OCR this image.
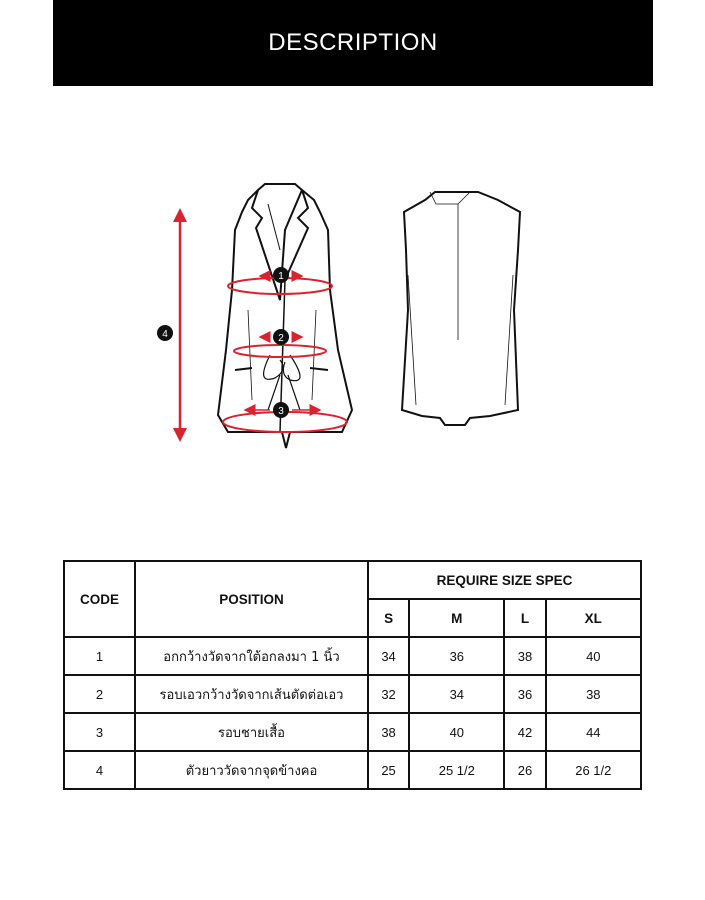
DESCRIPTION
4
1
2
3
CODE	POSITION	REQUIRE SIZE SPEC			
		S	M	L	XL
1	อกกว้างวัดจากใต้อกลงมา 1 นิ้ว	34	36	38	40
2	รอบเอวกว้างวัดจากเส้นตัดต่อเอว	32	34	36	38
3	รอบชายเสื้อ	38	40	42	44
4	ตัวยาววัดจากจุดข้างคอ	25	25 1/2	26	26 1/2
